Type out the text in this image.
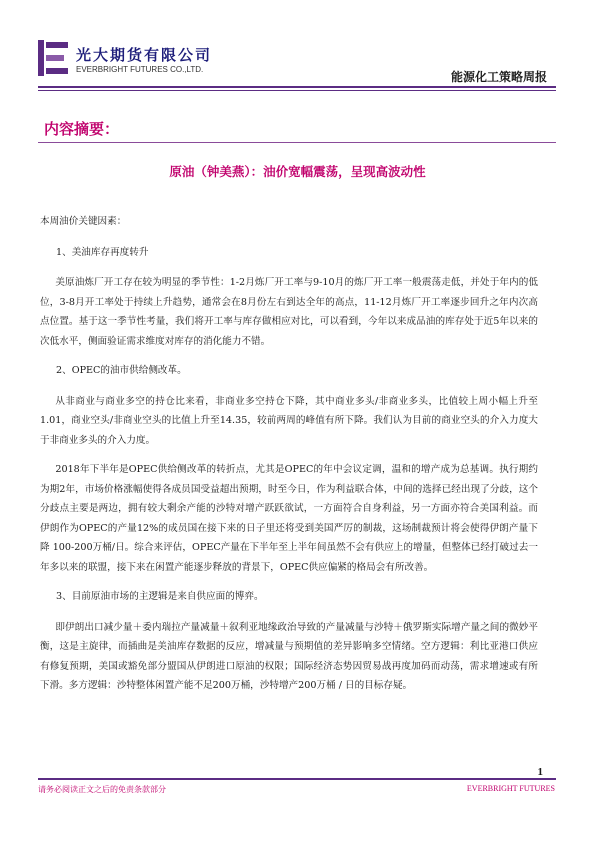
光大期货有限公司
EVERBRIGHT FUTURES CO.,LTD.
能源化工策略周报
内容摘要：
原油（钟美燕）：油价宽幅震荡，呈现高波动性

本周油价关键因素：

1、美油库存再度转升

美原油炼厂开工存在较为明显的季节性：1-2月炼厂开工率与9-10月的炼厂开工率一般震荡走低，并处于年内的低位，3-8月开工率处于持续上升趋势，通常会在8月份左右到达全年的高点，11-12月炼厂开工率逐步回升之年内次高点位置。基于这一季节性考量，我们将开工率与库存做相应对比，可以看到，今年以来成品油的库存处于近5年以来的次低水平，侧面验证需求维度对库存的消化能力不错。

2、OPEC的油市供给侧改革。

从非商业与商业多空的持仓比来看，非商业多空持仓下降，其中商业多头/非商业多头，比值较上周小幅上升至1.01，商业空头/非商业空头的比值上升至14.35，较前两周的峰值有所下降。我们认为目前的商业空头的介入力度大于非商业多头的介入力度。

2018年下半年是OPEC供给侧改革的转折点，尤其是OPEC的年中会议定调，温和的增产成为总基调。执行期约为期2年，市场价格涨幅使得各成员国受益超出预期，时至今日，作为利益联合体，中间的选择已经出现了分歧，这个分歧点主要是两边，拥有较大剩余产能的沙特对增产跃跃欲试，一方面符合自身利益，另一方面亦符合美国利益。而伊朗作为OPEC的产量12%的成员国在接下来的日子里还将受到美国严厉的制裁，这场制裁预计将会使得伊朗产量下降 100-200万桶/日。综合来评估，OPEC产量在下半年至上半年间虽然不会有供应上的增量，但整体已经打破过去一年多以来的联盟，接下来在闲置产能逐步释放的背景下，OPEC供应偏紧的格局会有所改善。

3、目前原油市场的主逻辑是来自供应面的博弈。

即伊朗出口减少量＋委内瑞拉产量减量＋叙利亚地缘政治导致的产量减量与沙特＋俄罗斯实际增产量之间的微妙平衡，这是主旋律，而插曲是美油库存数据的反应，增减量与预期值的差异影响多空情绪。空方逻辑：利比亚港口供应有修复预期，美国或豁免部分盟国从伊朗进口原油的权限；国际经济态势因贸易战再度加码而动荡，需求增速或有所下滑。多方逻辑：沙特整体闲置产能不足200万桶，沙特增产200万桶 / 日的目标存疑。

1
请务必阅读正文之后的免责条款部分	EVERBRIGHT FUTURES
